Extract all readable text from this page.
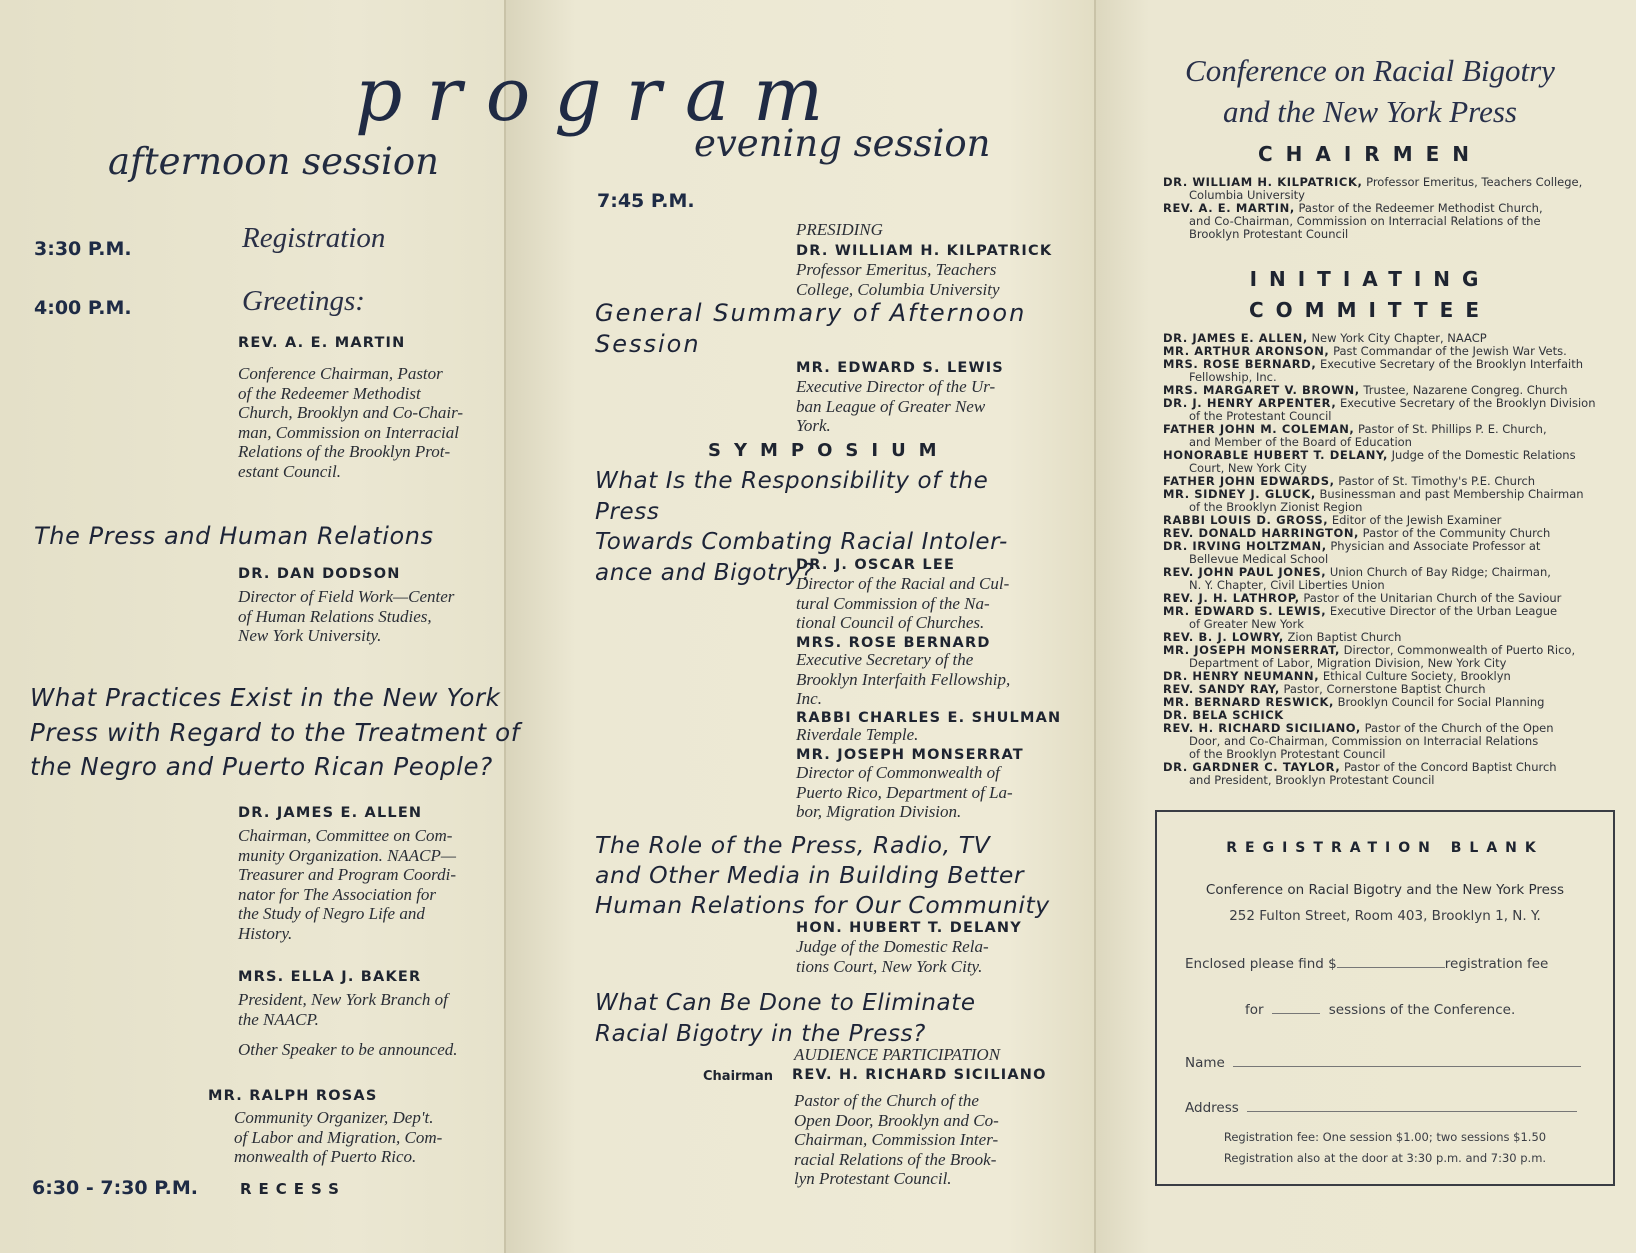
program
afternoon session
3:30 P.M.	Registration
4:00 P.M.	Greetings:
REV. A. E. MARTIN
Conference Chairman, Pastor
of the Redeemer Methodist
Church, Brooklyn and Co-Chair-
man, Commission on Interracial
Relations of the Brooklyn Prot-
estant Council.
The Press and Human Relations
DR. DAN DODSON
Director of Field Work—Center
of Human Relations Studies,
New York University.
What Practices Exist in the New York
Press with Regard to the Treatment of
the Negro and Puerto Rican People?
DR. JAMES E. ALLEN
Chairman, Committee on Com-
munity Organization. NAACP—
Treasurer and Program Coordi-
nator for The Association for
the Study of Negro Life and
History.
MRS. ELLA J. BAKER
President, New York Branch of
the NAACP.
Other Speaker to be announced.
MR. RALPH ROSAS
Community Organizer, Dep't.
of Labor and Migration, Com-
monwealth of Puerto Rico.
6:30 - 7:30 P.M.	RECESS
evening session
7:45 P.M.
PRESIDING
DR. WILLIAM H. KILPATRICK
Professor Emeritus, Teachers
College, Columbia University
General Summary of Afternoon
Session
MR. EDWARD S. LEWIS
Executive Director of the Ur-
ban League of Greater New
York.
SYMPOSIUM
What Is the Responsibility of the Press
Towards Combating Racial Intoler-
ance and Bigotry?
DR. J. OSCAR LEE
Director of the Racial and Cul-
tural Commission of the Na-
tional Council of Churches.
MRS. ROSE BERNARD
Executive Secretary of the
Brooklyn Interfaith Fellowship,
Inc.
RABBI CHARLES E. SHULMAN
Riverdale Temple.
MR. JOSEPH MONSERRAT
Director of Commonwealth of
Puerto Rico, Department of La-
bor, Migration Division.
The Role of the Press, Radio, TV
and Other Media in Building Better
Human Relations for Our Community
HON. HUBERT T. DELANY
Judge of the Domestic Rela-
tions Court, New York City.
What Can Be Done to Eliminate
Racial Bigotry in the Press?
AUDIENCE PARTICIPATION
Chairman REV. H. RICHARD SICILIANO
Pastor of the Church of the
Open Door, Brooklyn and Co-
Chairman, Commission Inter-
racial Relations of the Brook-
lyn Protestant Council.
Conference on Racial Bigotry
and the New York Press
CHAIRMEN
DR. WILLIAM H. KILPATRICK, Professor Emeritus, Teachers College,
Columbia University
REV. A. E. MARTIN, Pastor of the Redeemer Methodist Church,
and Co-Chairman, Commission on Interracial Relations of the
Brooklyn Protestant Council
INITIATING
COMMITTEE
DR. JAMES E. ALLEN, New York City Chapter, NAACP
MR. ARTHUR ARONSON, Past Commandar of the Jewish War Vets.
MRS. ROSE BERNARD, Executive Secretary of the Brooklyn Interfaith
Fellowship, Inc.
MRS. MARGARET V. BROWN, Trustee, Nazarene Congreg. Church
DR. J. HENRY ARPENTER, Executive Secretary of the Brooklyn Division
of the Protestant Council
FATHER JOHN M. COLEMAN, Pastor of St. Phillips P. E. Church,
and Member of the Board of Education
HONORABLE HUBERT T. DELANY, Judge of the Domestic Relations
Court, New York City
FATHER JOHN EDWARDS, Pastor of St. Timothy's P.E. Church
MR. SIDNEY J. GLUCK, Businessman and past Membership Chairman
of the Brooklyn Zionist Region
RABBI LOUIS D. GROSS, Editor of the Jewish Examiner
REV. DONALD HARRINGTON, Pastor of the Community Church
DR. IRVING HOLTZMAN, Physician and Associate Professor at
Bellevue Medical School
REV. JOHN PAUL JONES, Union Church of Bay Ridge; Chairman,
N. Y. Chapter, Civil Liberties Union
REV. J. H. LATHROP, Pastor of the Unitarian Church of the Saviour
MR. EDWARD S. LEWIS, Executive Director of the Urban League
of Greater New York
REV. B. J. LOWRY, Zion Baptist Church
MR. JOSEPH MONSERRAT, Director, Commonwealth of Puerto Rico,
Department of Labor, Migration Division, New York City
DR. HENRY NEUMANN, Ethical Culture Society, Brooklyn
REV. SANDY RAY, Pastor, Cornerstone Baptist Church
MR. BERNARD RESWICK, Brooklyn Council for Social Planning
DR. BELA SCHICK
REV. H. RICHARD SICILIANO, Pastor of the Church of the Open
Door, and Co-Chairman, Commission on Interracial Relations
of the Brooklyn Protestant Council
DR. GARDNER C. TAYLOR, Pastor of the Concord Baptist Church
and President, Brooklyn Protestant Council
REGISTRATION BLANK
Conference on Racial Bigotry and the New York Press
252 Fulton Street, Room 403, Brooklyn 1, N. Y.
Enclosed please find $	registration fee
for	sessions of the Conference.
Name
Address
Registration fee: One session $1.00; two sessions $1.50
Registration also at the door at 3:30 p.m. and 7:30 p.m.
